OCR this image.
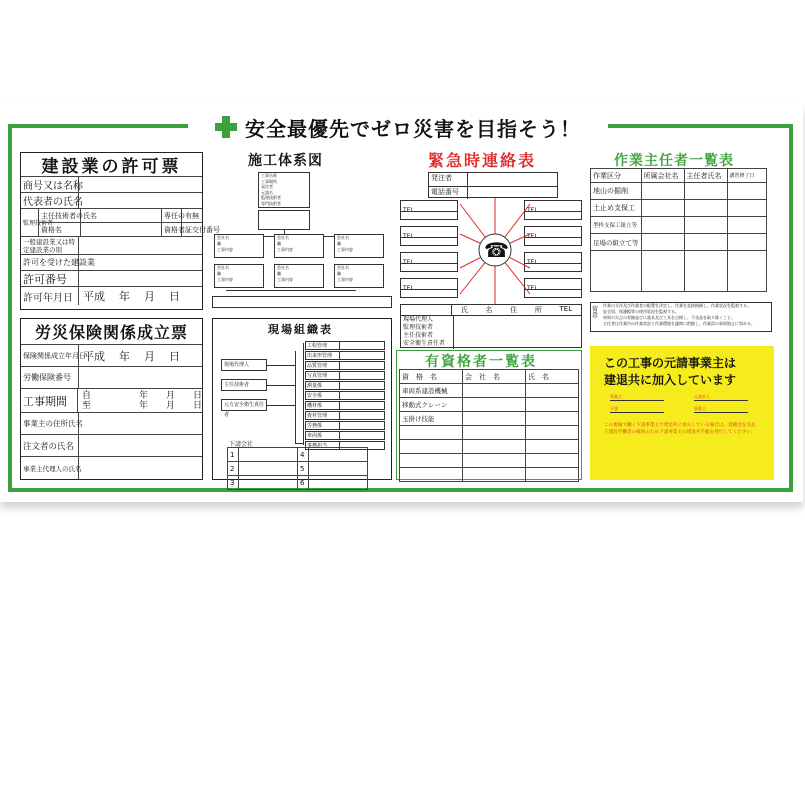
安全最優先でゼロ災害を目指そう！
建設業の許可票
商号又は名称
代表者の氏名
監理技術者
主任技術者の氏名	専任の有無
資格名	資格者証交付番号
一般建設業又は特定建設業の別
許可を受けた建設業
許可番号
許可年月日 平成 年 月 日
労災保険関係成立票
保険関係成立年月日
平成 年 月 日
労働保険番号
工事期間	自	年 月 日
至	年 月 日
事業主の住所氏名
注文者の氏名
事業主代理人の氏名
施工体系図
工事名称
工事場所
発注者
元請名
監理技術者
専門技術者
会社名
職
工事内容
会社名
職
工事内容
会社名
職
工事内容
会社名
職
工事内容
会社名
職
工事内容
会社名
職
工事内容
現場組織表
現場代理人
主任技術者
元方安全衛生責任者
工程管理
出来形管理
品質管理
写真管理
測量係
安全係
機材係
資材管理
労務係
車両係
事務担当
下請会社
1		4	
2		5	
3		6	
緊急時連絡表
発注者
電話番号
☎
氏	名	住	所	TEL
現場代理人
監理技術者
主任技術者
安全衛生責任者
有資格者一覧表
資　 格　 名	会　 社　 名	氏　 名
車両系建設機械		
移動式クレーン		
玉掛け技能		

作業主任者一覧表
作業区分	所属会社名	主任者氏名	講習修了日
地山の掘削			
土止め支保工			
型枠支保工組立等			
足場の組立て等			

留意
作業の方法及び作業者の配置を決定し、作業を直接指揮し、作業状況を監視する。
安全帯、保護帽等の使用状況を監視する。
材料の欠点の有無並びに器具及び工具を点検し、不良品を取り除くこと。
主任者は作業内の作業状況と作業環境を適時に把握し、作業員の事故防止に努める。
この工事の元請事業主は
建退共に加入しています
事業主	元請負人
下請	事業主
この現場で働く下請事業主で建退共に加入している場合は、退職金を支払う建設労働者の確保のため下請事業主の建退共手帳を発行してください。
